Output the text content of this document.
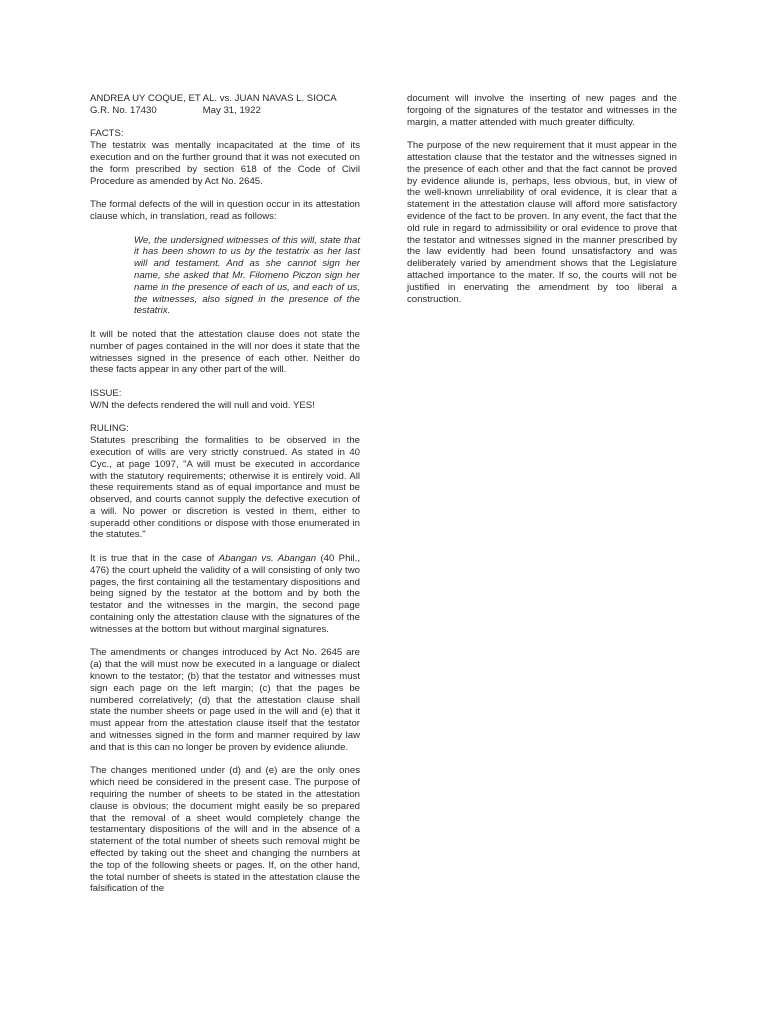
ANDREA UY COQUE, ET AL. vs. JUAN NAVAS L. SIOCA
G.R. No. 17430	May 31, 1922
FACTS:

The testatrix was mentally incapacitated at the time of its execution and on the further ground that it was not executed on the form prescribed by section 618 of the Code of Civil Procedure as amended by Act No. 2645.

The formal defects of the will in question occur in its attestation clause which, in translation, read as follows:

We, the undersigned witnesses of this will, state that it has been shown to us by the testatrix as her last will and testament. And as she cannot sign her name, she asked that Mr. Filomeno Piczon sign her name in the presence of each of us, and each of us, the witnesses, also signed in the presence of the testatrix.

It will be noted that the attestation clause does not state the number of pages contained in the will nor does it state that the witnesses signed in the presence of each other. Neither do these facts appear in any other part of the will.

ISSUE:

W/N the defects rendered the will null and void. YES!

RULING:

Statutes prescribing the formalities to be observed in the execution of wills are very strictly construed. As stated in 40 Cyc., at page 1097, "A will must be executed in accordance with the statutory requirements; otherwise it is entirely void. All these requirements stand as of equal importance and must be observed, and courts cannot supply the defective execution of a will. No power or discretion is vested in them, either to superadd other conditions or dispose with those enumerated in the statutes."

It is true that in the case of Abangan vs. Abangan (40 Phil., 476) the court upheld the validity of a will consisting of only two pages, the first containing all the testamentary dispositions and being signed by the testator at the bottom and by both the testator and the witnesses in the margin, the second page containing only the attestation clause with the signatures of the witnesses at the bottom but without marginal signatures.

The amendments or changes introduced by Act No. 2645 are (a) that the will must now be executed in a language or dialect known to the testator; (b) that the testator and witnesses must sign each page on the left margin; (c) that the pages be numbered correlatively; (d) that the attestation clause shall state the number sheets or page used in the will and (e) that it must appear from the attestation clause itself that the testator and witnesses signed in the form and manner required by law and that is this can no longer be proven by evidence aliunde.

The changes mentioned under (d) and (e) are the only ones which need be considered in the present case. The purpose of requiring the number of sheets to be stated in the attestation clause is obvious; the document might easily be so prepared that the removal of a sheet would completely change the testamentary dispositions of the will and in the absence of a statement of the total number of sheets such removal might be effected by taking out the sheet and changing the numbers at the top of the following sheets or pages. If, on the other hand, the total number of sheets is stated in the attestation clause the falsification of the

document will involve the inserting of new pages and the forgoing of the signatures of the testator and witnesses in the margin, a matter attended with much greater difficulty.

The purpose of the new requirement that it must appear in the attestation clause that the testator and the witnesses signed in the presence of each other and that the fact cannot be proved by evidence aliunde is, perhaps, less obvious, but, in view of the well-known unreliability of oral evidence, it is clear that a statement in the attestation clause will afford more satisfactory evidence of the fact to be proven. In any event, the fact that the old rule in regard to admissibility or oral evidence to prove that the testator and witnesses signed in the manner prescribed by the law evidently had been found unsatisfactory and was deliberately varied by amendment shows that the Legislature attached importance to the mater. If so, the courts will not be justified in enervating the amendment by too liberal a construction.
